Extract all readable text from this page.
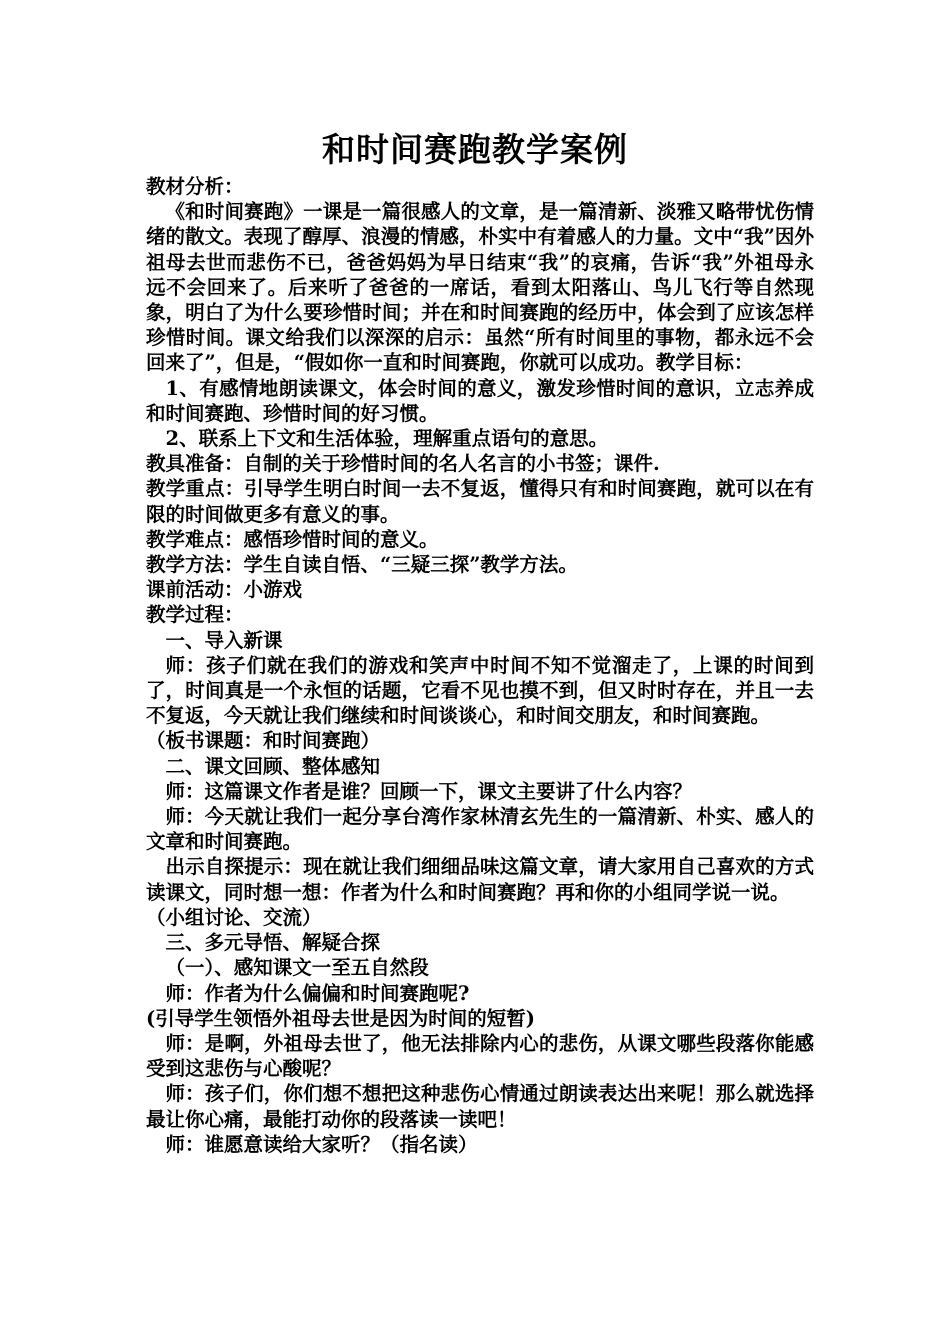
和时间赛跑教学案例

教材分析：

《和时间赛跑》一课是一篇很感人的文章，是一篇清新、淡雅又略带忧伤情绪的散文。表现了醇厚、浪漫的情感，朴实中有着感人的力量。文中“我”因外祖母去世而悲伤不已，爸爸妈妈为早日结束“我”的哀痛，告诉“我”外祖母永远不会回来了。后来听了爸爸的一席话，看到太阳落山、鸟儿飞行等自然现象，明白了为什么要珍惜时间；并在和时间赛跑的经历中，体会到了应该怎样珍惜时间。课文给我们以深深的启示：虽然“所有时间里的事物，都永远不会回来了”，但是，“假如你一直和时间赛跑，你就可以成功。教学目标：

1、有感情地朗读课文，体会时间的意义，激发珍惜时间的意识，立志养成和时间赛跑、珍惜时间的好习惯。

2、联系上下文和生活体验，理解重点语句的意思。

教具准备：自制的关于珍惜时间的名人名言的小书签；课件.

教学重点：引导学生明白时间一去不复返，懂得只有和时间赛跑，就可以在有限的时间做更多有意义的事。

教学难点：感悟珍惜时间的意义。

教学方法：学生自读自悟、“三疑三探”教学方法。

课前活动：小游戏

教学过程：

一、导入新课

师：孩子们就在我们的游戏和笑声中时间不知不觉溜走了，上课的时间到了，时间真是一个永恒的话题，它看不见也摸不到，但又时时存在，并且一去不复返，今天就让我们继续和时间谈谈心，和时间交朋友，和时间赛跑。

（板书课题：和时间赛跑）

二、课文回顾、整体感知

师：这篇课文作者是谁？回顾一下，课文主要讲了什么内容？

师：今天就让我们一起分享台湾作家林清玄先生的一篇清新、朴实、感人的文章和时间赛跑。

出示自探提示：现在就让我们细细品味这篇文章，请大家用自己喜欢的方式读课文，同时想一想：作者为什么和时间赛跑？再和你的小组同学说一说。

（小组讨论、交流）

三、多元导悟、解疑合探

（一）、感知课文一至五自然段

师：作者为什么偏偏和时间赛跑呢?

(引导学生领悟外祖母去世是因为时间的短暂)

师：是啊，外祖母去世了，他无法排除内心的悲伤，从课文哪些段落你能感受到这悲伤与心酸呢？

师：孩子们，你们想不想把这种悲伤心情通过朗读表达出来呢！那么就选择最让你心痛，最能打动你的段落读一读吧！

师：谁愿意读给大家听？（指名读）
